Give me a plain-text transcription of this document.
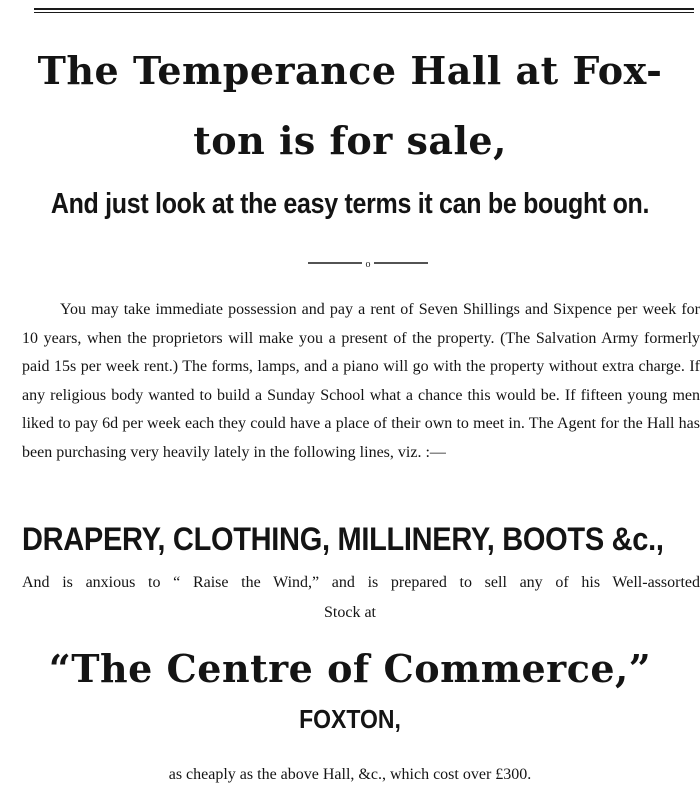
The Temperance Hall at Fox-
ton is for sale,
And just look at the easy terms it can be bought on.
o

You may take immediate possession and pay a rent of Seven Shillings and Sixpence per week for 10 years, when the proprietors will make you a present of the property. (The Salvation Army formerly paid 15s per week rent.) The forms, lamps, and a piano will go with the property without extra charge. If any religious body wanted to build a Sunday School what a chance this would be. If fifteen young men liked to pay 6d per week each they could have a place of their own to meet in. The Agent for the Hall has been purchasing very heavily lately in the following lines, viz. :—

DRAPERY, CLOTHING, MILLINERY, BOOTS &c.,

And is anxious to “ Raise the Wind,” and is prepared to sell any of his Well-assorted

Stock at

“The Centre of Commerce,”

FOXTON,

as cheaply as the above Hall, &c., which cost over £300.
